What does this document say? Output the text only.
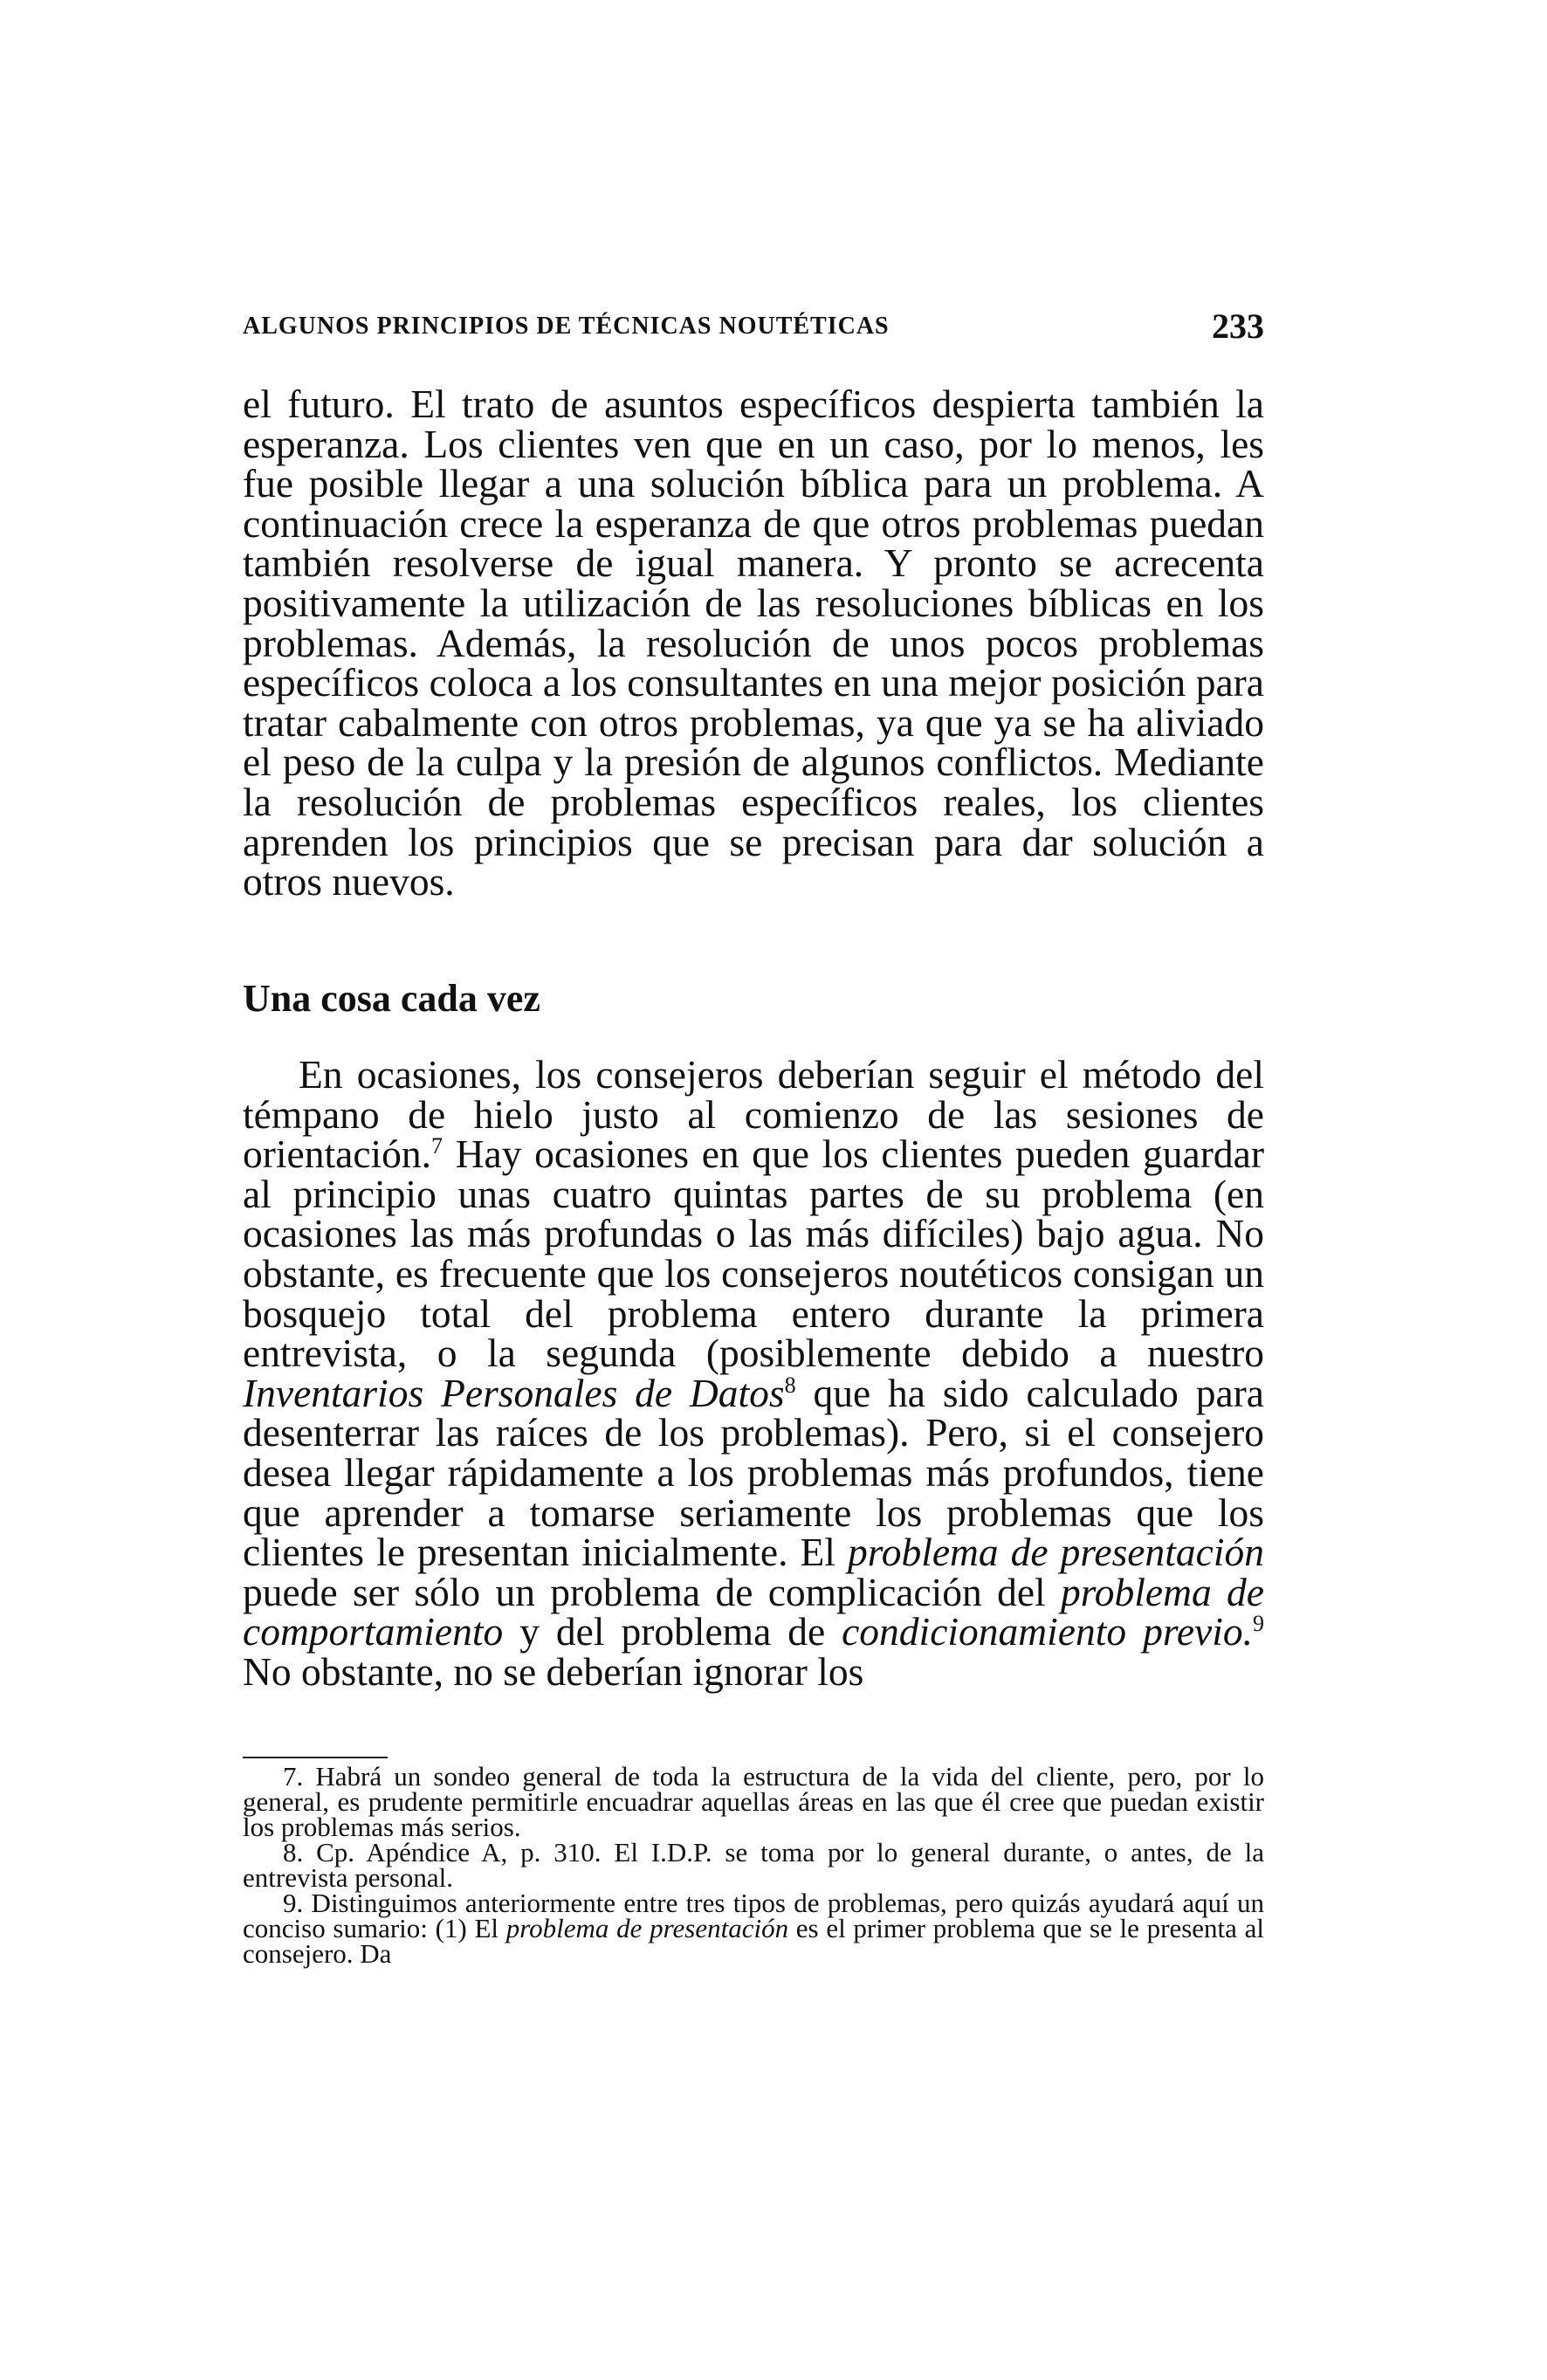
ALGUNOS PRINCIPIOS DE TÉCNICAS NOUTÉTICAS	233

el futuro. El trato de asuntos específicos despierta también la esperanza. Los clientes ven que en un caso, por lo menos, les fue posible llegar a una solución bíblica para un problema. A continuación crece la esperanza de que otros problemas puedan también resolverse de igual manera. Y pronto se acrecenta positivamente la utilización de las resoluciones bíblicas en los problemas. Además, la resolución de unos pocos problemas específicos coloca a los consultantes en una mejor posición para tratar cabalmente con otros problemas, ya que ya se ha aliviado el peso de la culpa y la presión de algunos conflictos. Mediante la resolución de problemas específicos reales, los clientes aprenden los principios que se precisan para dar solución a otros nuevos.

Una cosa cada vez

En ocasiones, los consejeros deberían seguir el método del témpano de hielo justo al comienzo de las sesiones de orientación.$^7$ Hay ocasiones en que los clientes pueden guardar al principio unas cuatro quintas partes de su problema (en ocasiones las más profundas o las más difíciles) bajo agua. No obstante, es frecuente que los consejeros noutéticos consigan un bosquejo total del problema entero durante la primera entrevista, o la segunda (posiblemente debido a nuestro Inventarios Personales de Datos$^8$ que ha sido calculado para desenterrar las raíces de los problemas). Pero, si el consejero desea llegar rápidamente a los problemas más profundos, tiene que aprender a tomarse seriamente los problemas que los clientes le presentan inicialmente. El problema de presentación puede ser sólo un problema de complicación del problema de comportamiento y del problema de condicionamiento previo.$^9$ No obstante, no se deberían ignorar los

7. Habrá un sondeo general de toda la estructura de la vida del cliente, pero, por lo general, es prudente permitirle encuadrar aquellas áreas en las que él cree que puedan existir los problemas más serios.

8. Cp. Apéndice A, p. 310. El I.D.P. se toma por lo general durante, o antes, de la entrevista personal.

9. Distinguimos anteriormente entre tres tipos de problemas, pero quizás ayudará aquí un conciso sumario: (1) El problema de presentación es el primer problema que se le presenta al consejero. Da
